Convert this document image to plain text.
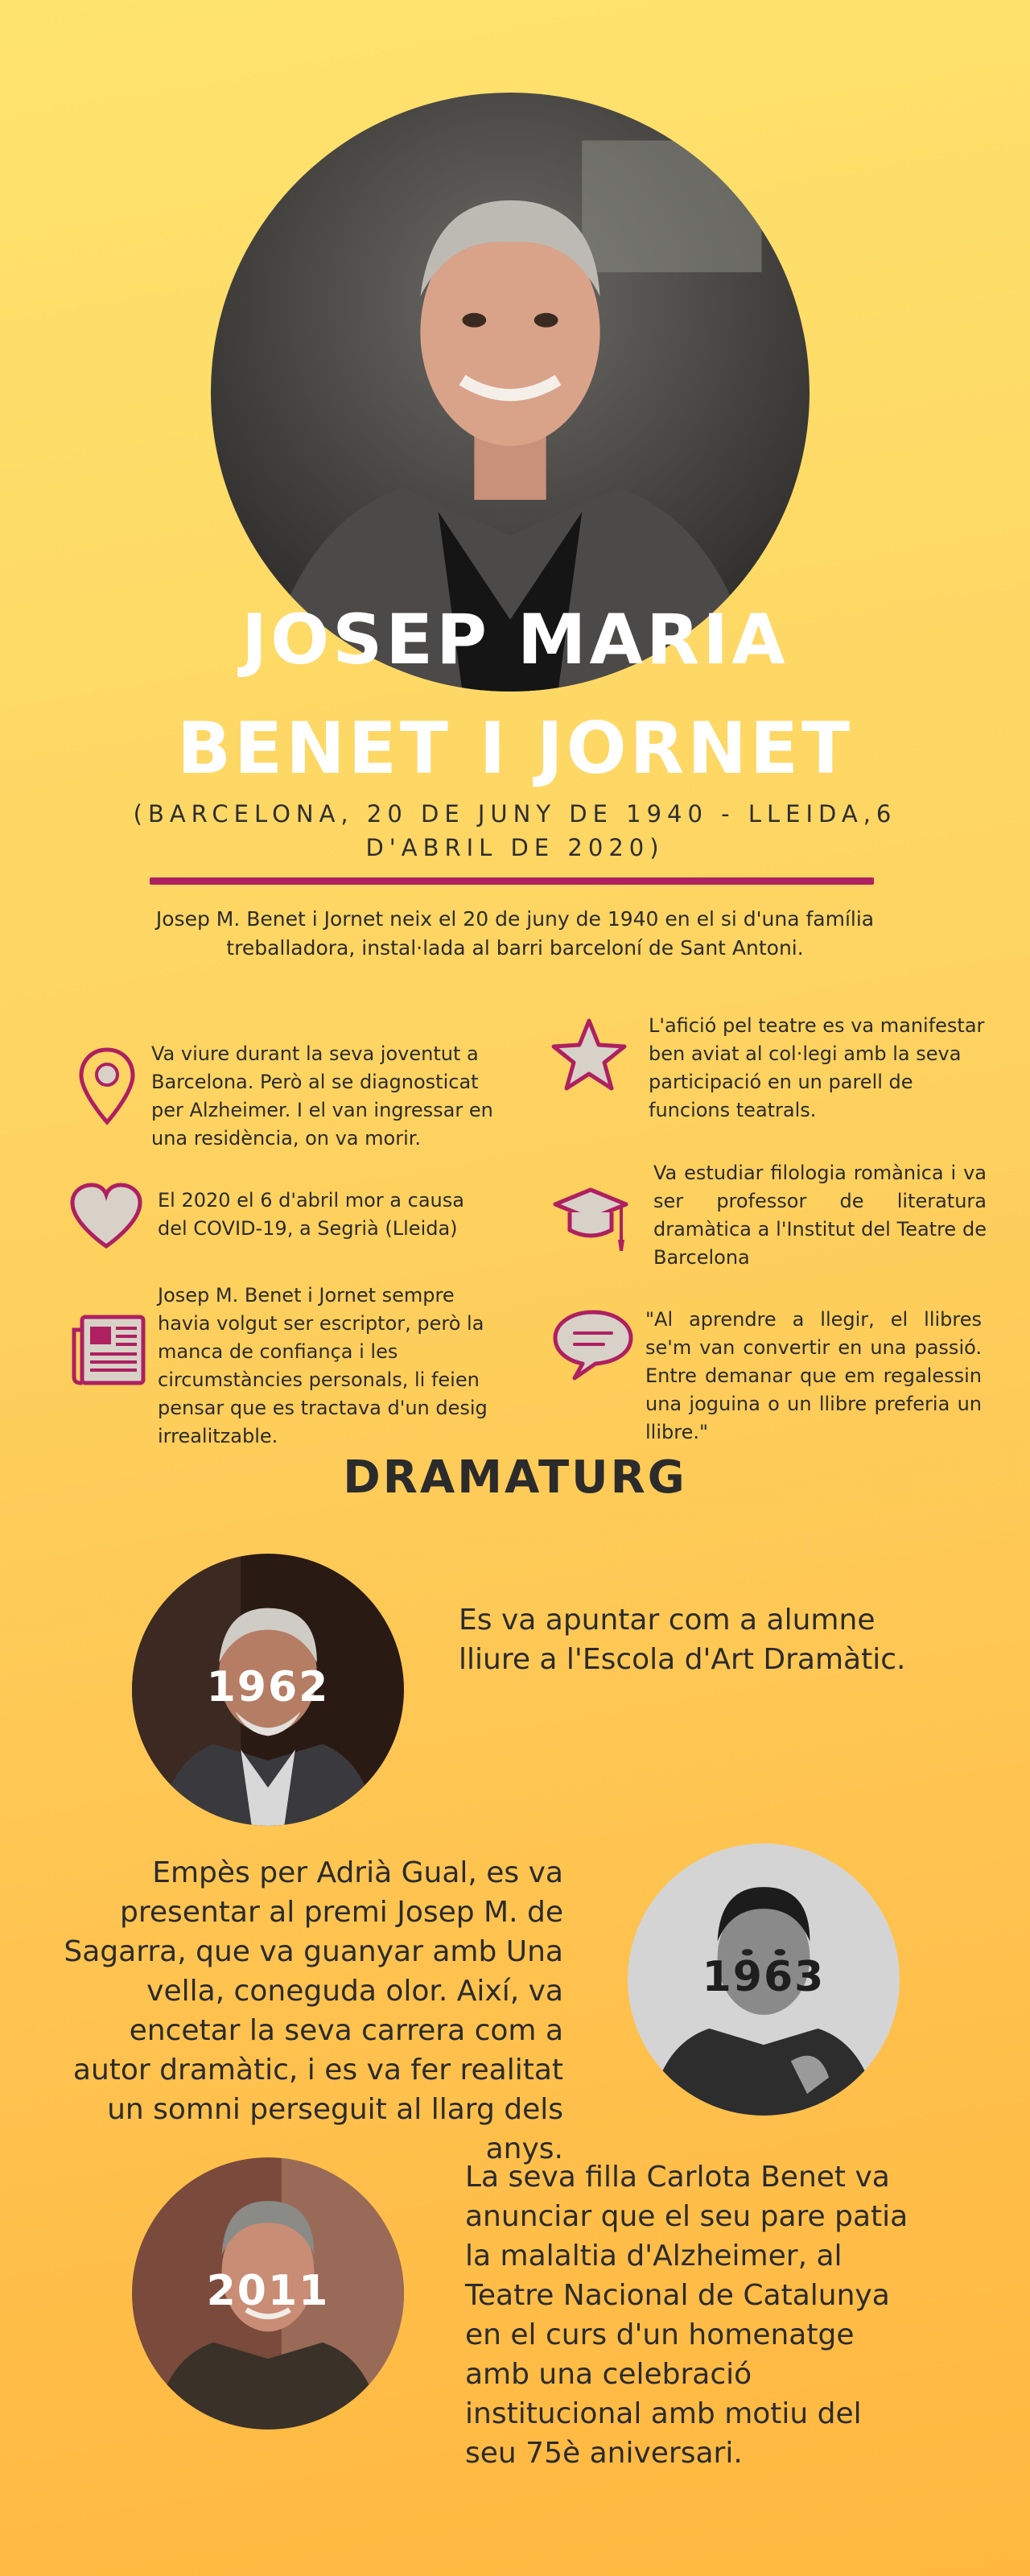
JOSEP MARIA
BENET I JORNET
(BARCELONA, 20 DE JUNY DE 1940 - LLEIDA,6 D'ABRIL DE 2020)
Josep M. Benet i Jornet neix el 20 de juny de 1940 en el si d'una família treballadora, instal·lada al barri barceloní de Sant Antoni.
Va viure durant la seva joventut a Barcelona. Però al se diagnosticat per Alzheimer. I el van ingressar en una residència, on va morir.
El 2020 el 6 d'abril mor a causa del COVID-19, a Segrià (Lleida)
Josep M. Benet i Jornet sempre havia volgut ser escriptor, però la manca de confiança i les circumstàncies personals, li feien pensar que es tractava d'un desig irrealitzable.
L'afició pel teatre es va manifestar ben aviat al col·legi amb la seva participació en un parell de funcions teatrals.
Va estudiar filologia romànica i va ser professor de literatura dramàtica a l'Institut del Teatre de Barcelona
"Al aprendre a llegir, el llibres se'm van convertir en una passió. Entre demanar que em regalessin una joguina o un llibre preferia un llibre."
DRAMATURG
1962
Es va apuntar com a alumne lliure a l'Escola d'Art Dramàtic.
Empès per Adrià Gual, es va presentar al premi Josep M. de Sagarra, que va guanyar amb Una vella, coneguda olor. Així, va encetar la seva carrera com a autor dramàtic, i es va fer realitat un somni perseguit al llarg dels anys.
1963
2011
La seva filla Carlota Benet va anunciar que el seu pare patia la malaltia d'Alzheimer, al Teatre Nacional de Catalunya en el curs d'un homenatge amb una celebració institucional amb motiu del seu 75è aniversari.
